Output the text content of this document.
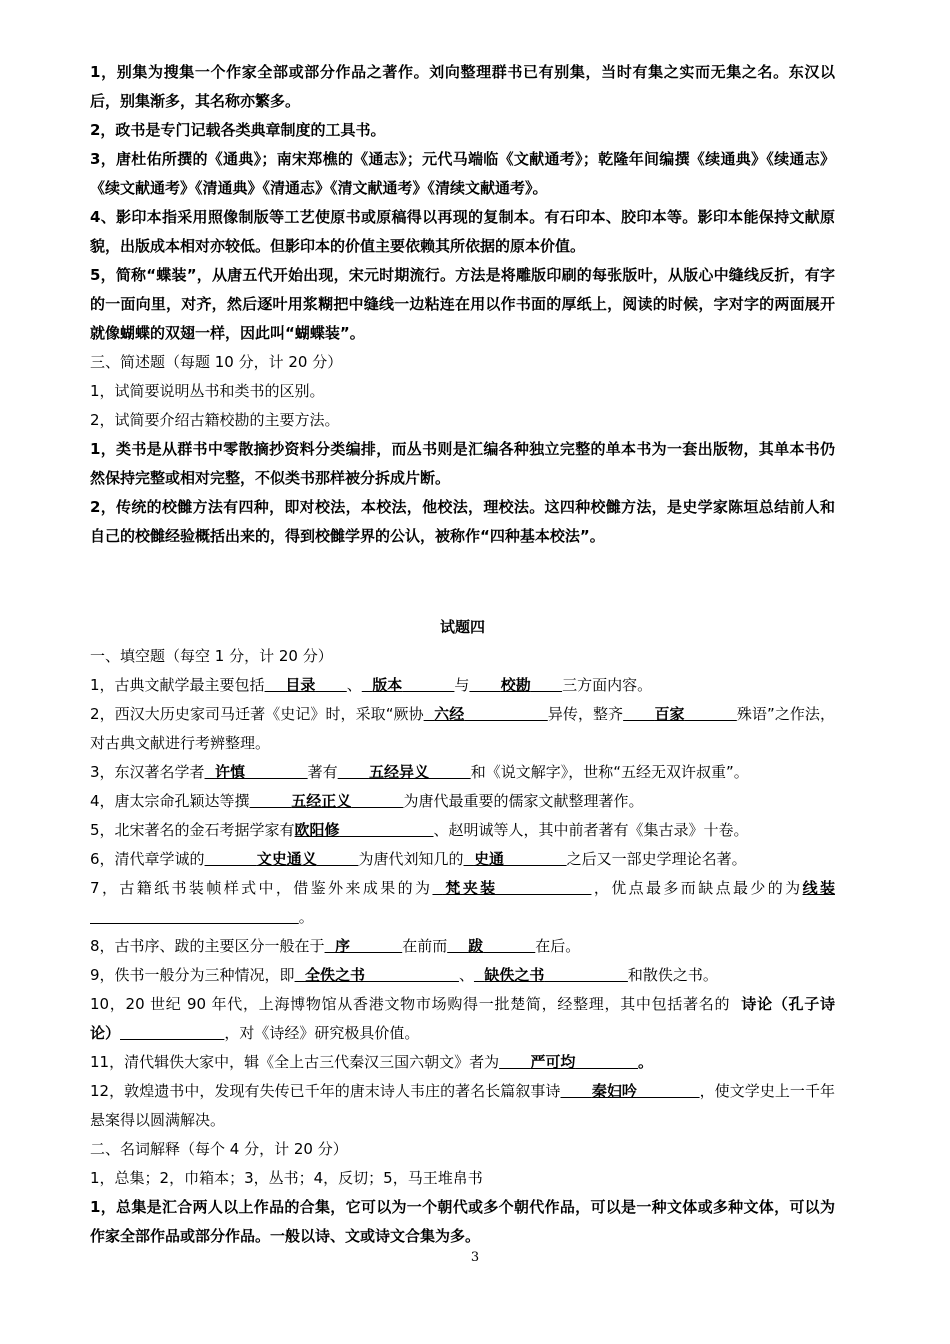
1，别集为搜集一个作家全部或部分作品之著作。刘向整理群书已有别集，当时有集之实而无集之名。东汉以后，别集渐多，其名称亦繁多。

2，政书是专门记载各类典章制度的工具书。

3，唐杜佑所撰的《通典》；南宋郑樵的《通志》；元代马端临《文献通考》；乾隆年间编撰《续通典》《续通志》《续文献通考》《清通典》《清通志》《清文献通考》《清续文献通考》。

4、影印本指采用照像制版等工艺使原书或原稿得以再现的复制本。有石印本、胶印本等。影印本能保持文献原貌，出版成本相对亦较低。但影印本的价值主要依赖其所依据的原本价值。

5，简称“蝶装”，从唐五代开始出现，宋元时期流行。方法是将雕版印刷的每张版叶，从版心中缝线反折，有字的一面向里，对齐，然后逐叶用浆糊把中缝线一边粘连在用以作书面的厚纸上，阅读的时候，字对字的两面展开就像蝴蝶的双翅一样，因此叫“蝴蝶装”。

三、简述题（每题 10 分，计 20 分）

1，试简要说明丛书和类书的区别。

2，试简要介绍古籍校勘的主要方法。

1，类书是从群书中零散摘抄资料分类编排，而丛书则是汇编各种独立完整的单本书为一套出版物，其单本书仍然保持完整或相对完整，不似类书那样被分拆成片断。

2，传统的校雠方法有四种，即对校法，本校法，他校法，理校法。这四种校雠方法，是史学家陈垣总结前人和自己的校雠经验概括出来的，得到校雠学界的公认，被称作“四种基本校法”。

试题四

一、填空题（每空 1 分，计 20 分）

1，古典文献学最主要包括   目录    、  版本     	与    校勘    三方面内容。

2，西汉大历史家司马迁著《史记》时，采取“厥协  六经        	异传，整齐    百家     	殊语”之作法，对古典文献进行考辨整理。

3，东汉著名学者  许慎      	著有    五经异义    	和《说文解字》，世称“五经无双许叔重”。

4，唐太宗命孔颖达等撰    	五经正义     	为唐代最重要的儒家文献整理著作。

5，北宋著名的金石考据学家有欧阳修         	、赵明诚等人，其中前者著有《集古录》十卷。

6，清代章学诚的     	文史通义    	为唐代刘知几的  史通      	之后又一部史学理论名著。

7，古籍纸书装帧样式中，借鉴外来成果的为  梵夹装         	，优点最多而缺点最少的为线装                     。

8，古书序、跋的主要区分一般在于  序     	在前而   跋     	在后。

9，佚书一般分为三种情况，即  全佚之书         	、  缺佚之书        	和散佚之书。

10，20 世纪 90 年代，上海博物馆从香港文物市场购得一批楚简，经整理，其中包括著名的  诗论（孔子诗论）          	，对《诗经》研究极具价值。

11，清代辑佚大家中，辑《全上古三代秦汉三国六朝文》者为    严可均      	。

12，敦煌遗书中，发现有失传已千年的唐末诗人韦庄的著名长篇叙事诗    秦妇吟      	，使文学史上一千年悬案得以圆满解决。

二、名词解释（每个 4 分，计 20 分）

1，总集；2，巾箱本；3，丛书；4，反切；5，马王堆帛书

1，总集是汇合两人以上作品的合集，它可以为一个朝代或多个朝代作品，可以是一种文体或多种文体，可以为作家全部作品或部分作品。一般以诗、文或诗文合集为多。

3
